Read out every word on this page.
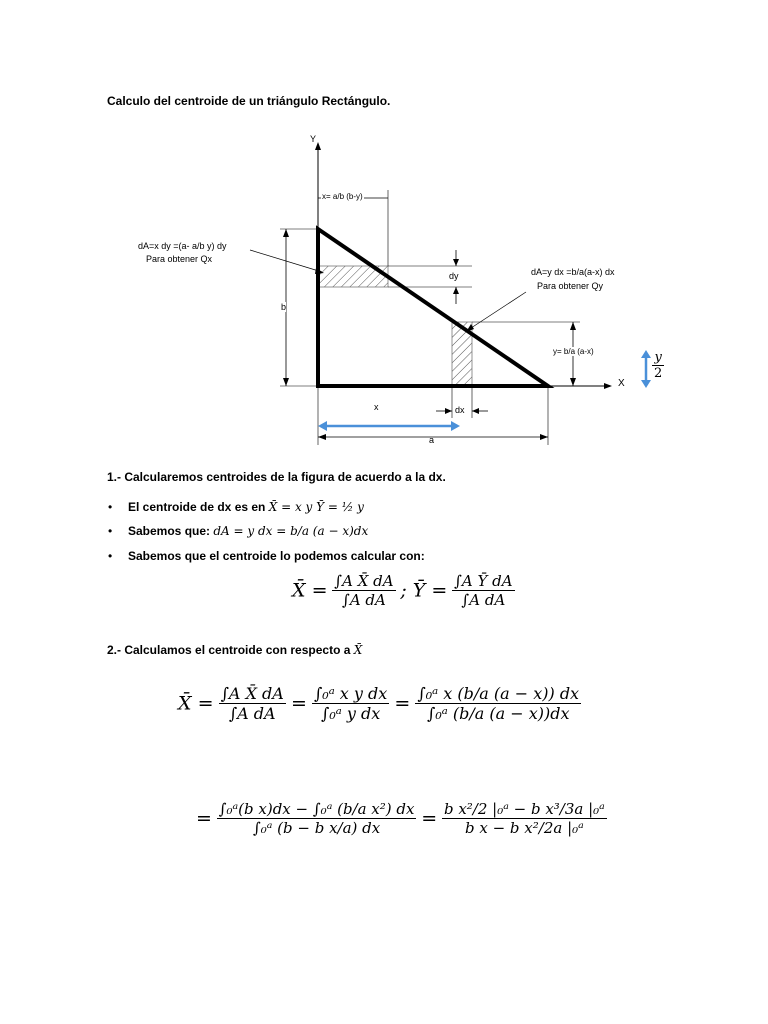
Calculo del centroide de un triángulo Rectángulo.
Y
X
x= a/b (b-y)
dA=x dy =(a- a/b y) dy
Para obtener Qx
dy	dA=y dx =b/a(a-x) dx
Para obtener Qy
b
y= b/a (a-x)
x	dx
a
$\frac{y}{2}$
1.- Calcularemos centroides de la figura de acuerdo a la dx.
• El centroide de dx es en X̄ = x y Ȳ = ½ y
• Sabemos que: dA = y dx = b/a (a − x)dx
• Sabemos que el centroide lo podemos calcular con:
X̄ = $\frac{\text{∫A X̄ dA}}{\text{∫A dA}}$ ; Ȳ = $\frac{\text{∫A Ȳ dA}}{\text{∫A dA}}$
2.- Calculamos el centroide con respecto a X̄
X̄ = $\frac{\text{∫A X̄ dA}}{\text{∫A dA}} = \frac{\text{∫₀ᵃ x y dx}}{\text{∫₀ᵃ y dx}} = \frac{\text{∫₀ᵃ x (b/a (a − x)) dx}}{\text{∫₀ᵃ (b/a (a − x))dx}}$
= $\frac{\text{∫₀ᵃ(b x)dx − ∫₀ᵃ (b/a x²) dx}}{\text{∫₀ᵃ (b − b x/a) dx}} = \frac{\text{b x²/2 |₀ᵃ − b x³/3a |₀ᵃ}}{\text{b x − b x²/2a |₀ᵃ}}$
